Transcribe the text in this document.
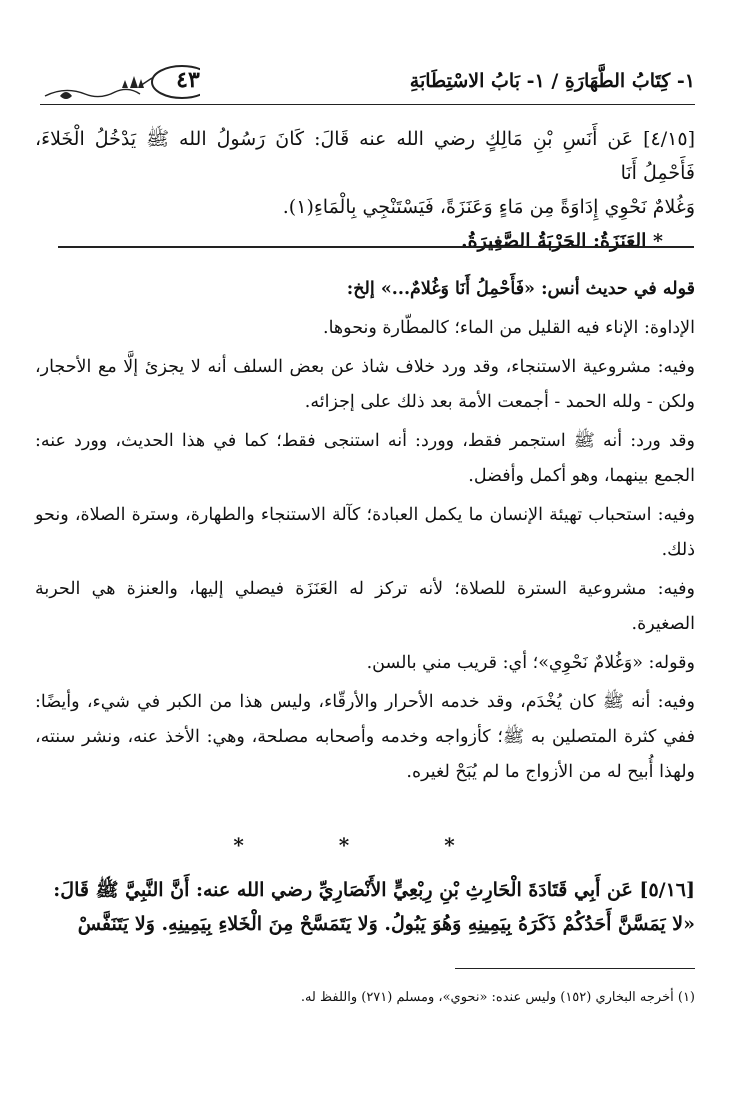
١- كِتَابُ الطَّهَارَةِ / ١- بَابُ الاسْتِطَابَةِ
٤٣

[٤/١٥] عَن أَنَسِ بْنِ مَالِكٍ رضي الله عنه قَالَ: كَانَ رَسُولُ الله ﷺ يَدْخُلُ الْخَلاءَ، فَأَحْمِلُ أَنَا

وَغُلامٌ نَحْوِي إِدَاوَةً مِن مَاءٍ وَعَنَزَةً، فَيَسْتَنْجِي بِالْمَاءِ(١).

* العَنَزَةُ: الحَرْبَةُ الصَّغِيرَةُ.

قوله في حديث أنس: «فَأَحْمِلُ أَنَا وَغُلامٌ...» إلخ:

الإداوة: الإناء فيه القليل من الماء؛ كالمطّارة ونحوها.

وفيه: مشروعية الاستنجاء، وقد ورد خلاف شاذ عن بعض السلف أنه لا يجزئ إلَّا مع الأحجار، ولكن - ولله الحمد - أجمعت الأمة بعد ذلك على إجزائه.

وقد ورد: أنه ﷺ استجمر فقط، وورد: أنه استنجى فقط؛ كما في هذا الحديث، وورد عنه: الجمع بينهما، وهو أكمل وأفضل.

وفيه: استحباب تهيئة الإنسان ما يكمل العبادة؛ كآلة الاستنجاء والطهارة، وسترة الصلاة، ونحو ذلك.

وفيه: مشروعية السترة للصلاة؛ لأنه تركز له العَنَزَة فيصلي إليها، والعنزة هي الحربة الصغيرة.

وقوله: «وَغُلامٌ نَحْوِي»؛ أي: قريب مني بالسن.

وفيه: أنه ﷺ كان يُخْدَم، وقد خدمه الأحرار والأرقّاء، وليس هذا من الكبر في شيء، وأيضًا: ففي كثرة المتصلين به ﷺ؛ كأزواجه وخدمه وأصحابه مصلحة، وهي: الأخذ عنه، ونشر سنته، ولهذا أُبيح له من الأزواج ما لم يُبَحْ لغيره.

* * *

[٥/١٦] عَن أَبِي قَتَادَةَ الْحَارِثِ بْنِ رِبْعِيٍّ الأَنْصَارِيِّ رضي الله عنه: أَنَّ النَّبِيَّ ﷺ قَالَ:

«لا يَمَسَّنَّ أَحَدُكُمْ ذَكَرَهُ بِيَمِينِهِ وَهُوَ يَبُولُ. وَلا يَتَمَسَّحْ مِنَ الْخَلاءِ بِيَمِينِهِ. وَلا يَتَنَفَّسْ

(١) أخرجه البخاري (١٥٢) وليس عنده: «نحوي»، ومسلم (٢٧١) واللفظ له.
